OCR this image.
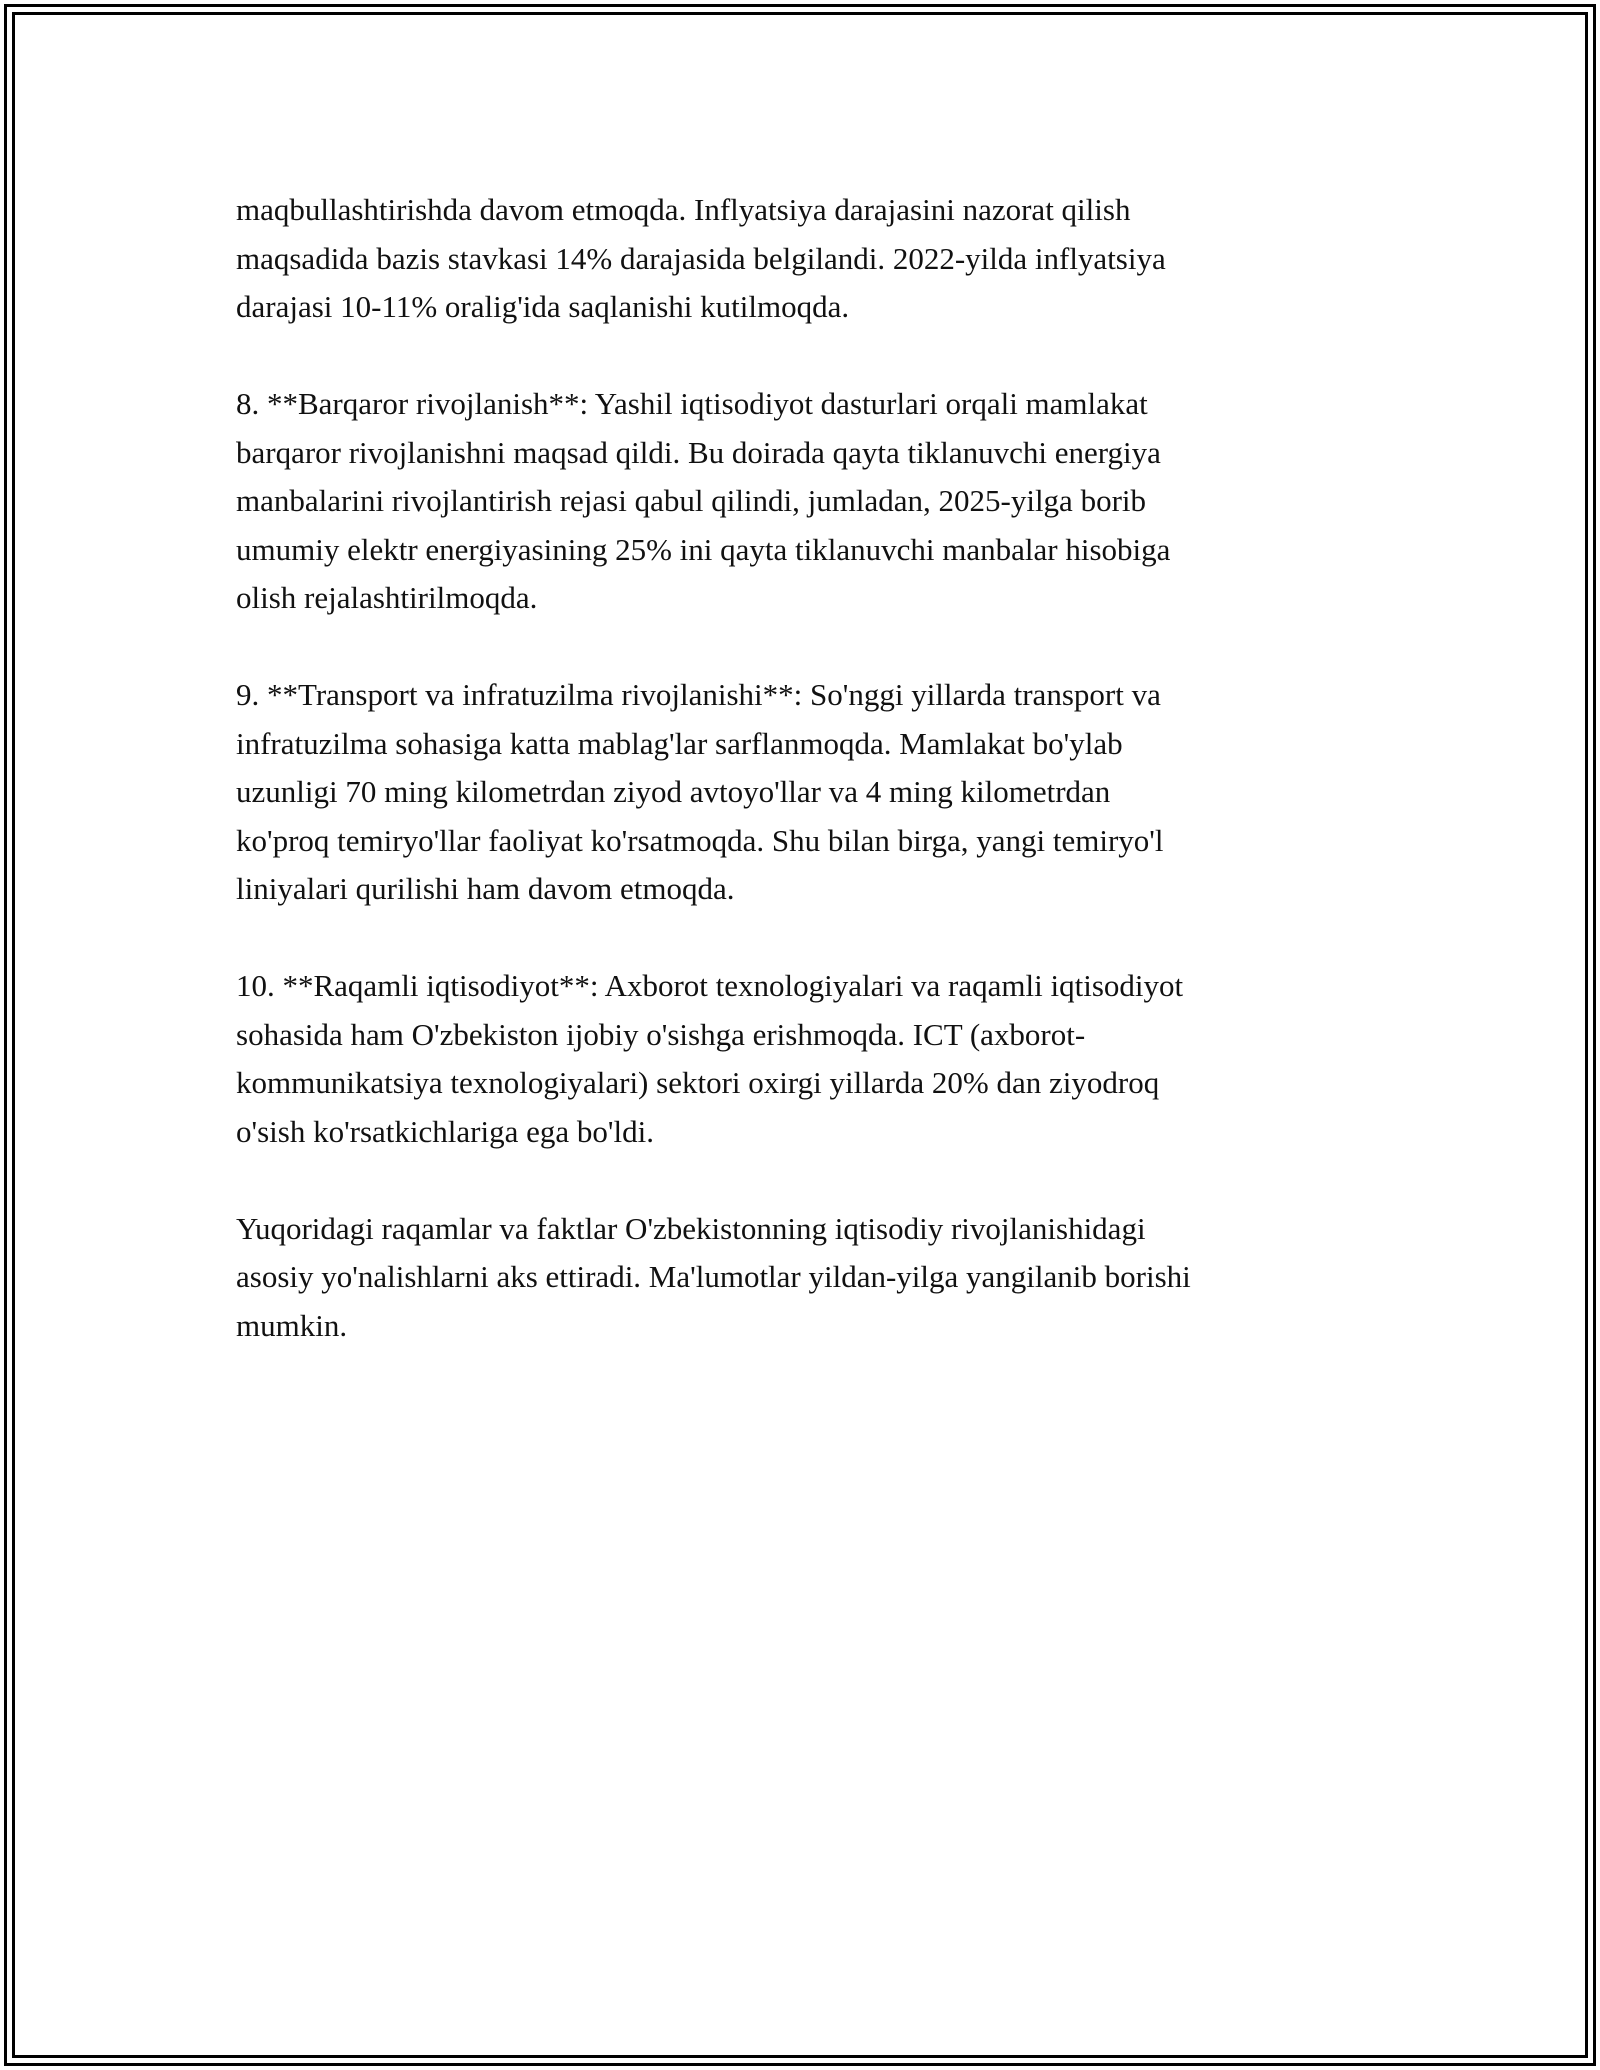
maqbullashtirishda davom etmoqda. Inflyatsiya darajasini nazorat qilish
maqsadida bazis stavkasi 14% darajasida belgilandi. 2022-yilda inflyatsiya
darajasi 10-11% oralig'ida saqlanishi kutilmoqda.

8. **Barqaror rivojlanish**: Yashil iqtisodiyot dasturlari orqali mamlakat
barqaror rivojlanishni maqsad qildi. Bu doirada qayta tiklanuvchi energiya
manbalarini rivojlantirish rejasi qabul qilindi, jumladan, 2025-yilga borib
umumiy elektr energiyasining 25% ini qayta tiklanuvchi manbalar hisobiga
olish rejalashtirilmoqda.

9. **Transport va infratuzilma rivojlanishi**: So'nggi yillarda transport va
infratuzilma sohasiga katta mablag'lar sarflanmoqda. Mamlakat bo'ylab
uzunligi 70 ming kilometrdan ziyod avtoyo'llar va 4 ming kilometrdan
ko'proq temiryo'llar faoliyat ko'rsatmoqda. Shu bilan birga, yangi temiryo'l
liniyalari qurilishi ham davom etmoqda.

10. **Raqamli iqtisodiyot**: Axborot texnologiyalari va raqamli iqtisodiyot
sohasida ham O'zbekiston ijobiy o'sishga erishmoqda. ICT (axborot-
kommunikatsiya texnologiyalari) sektori oxirgi yillarda 20% dan ziyodroq
o'sish ko'rsatkichlariga ega bo'ldi.

Yuqoridagi raqamlar va faktlar O'zbekistonning iqtisodiy rivojlanishidagi
asosiy yo'nalishlarni aks ettiradi. Ma'lumotlar yildan-yilga yangilanib borishi
mumkin.
